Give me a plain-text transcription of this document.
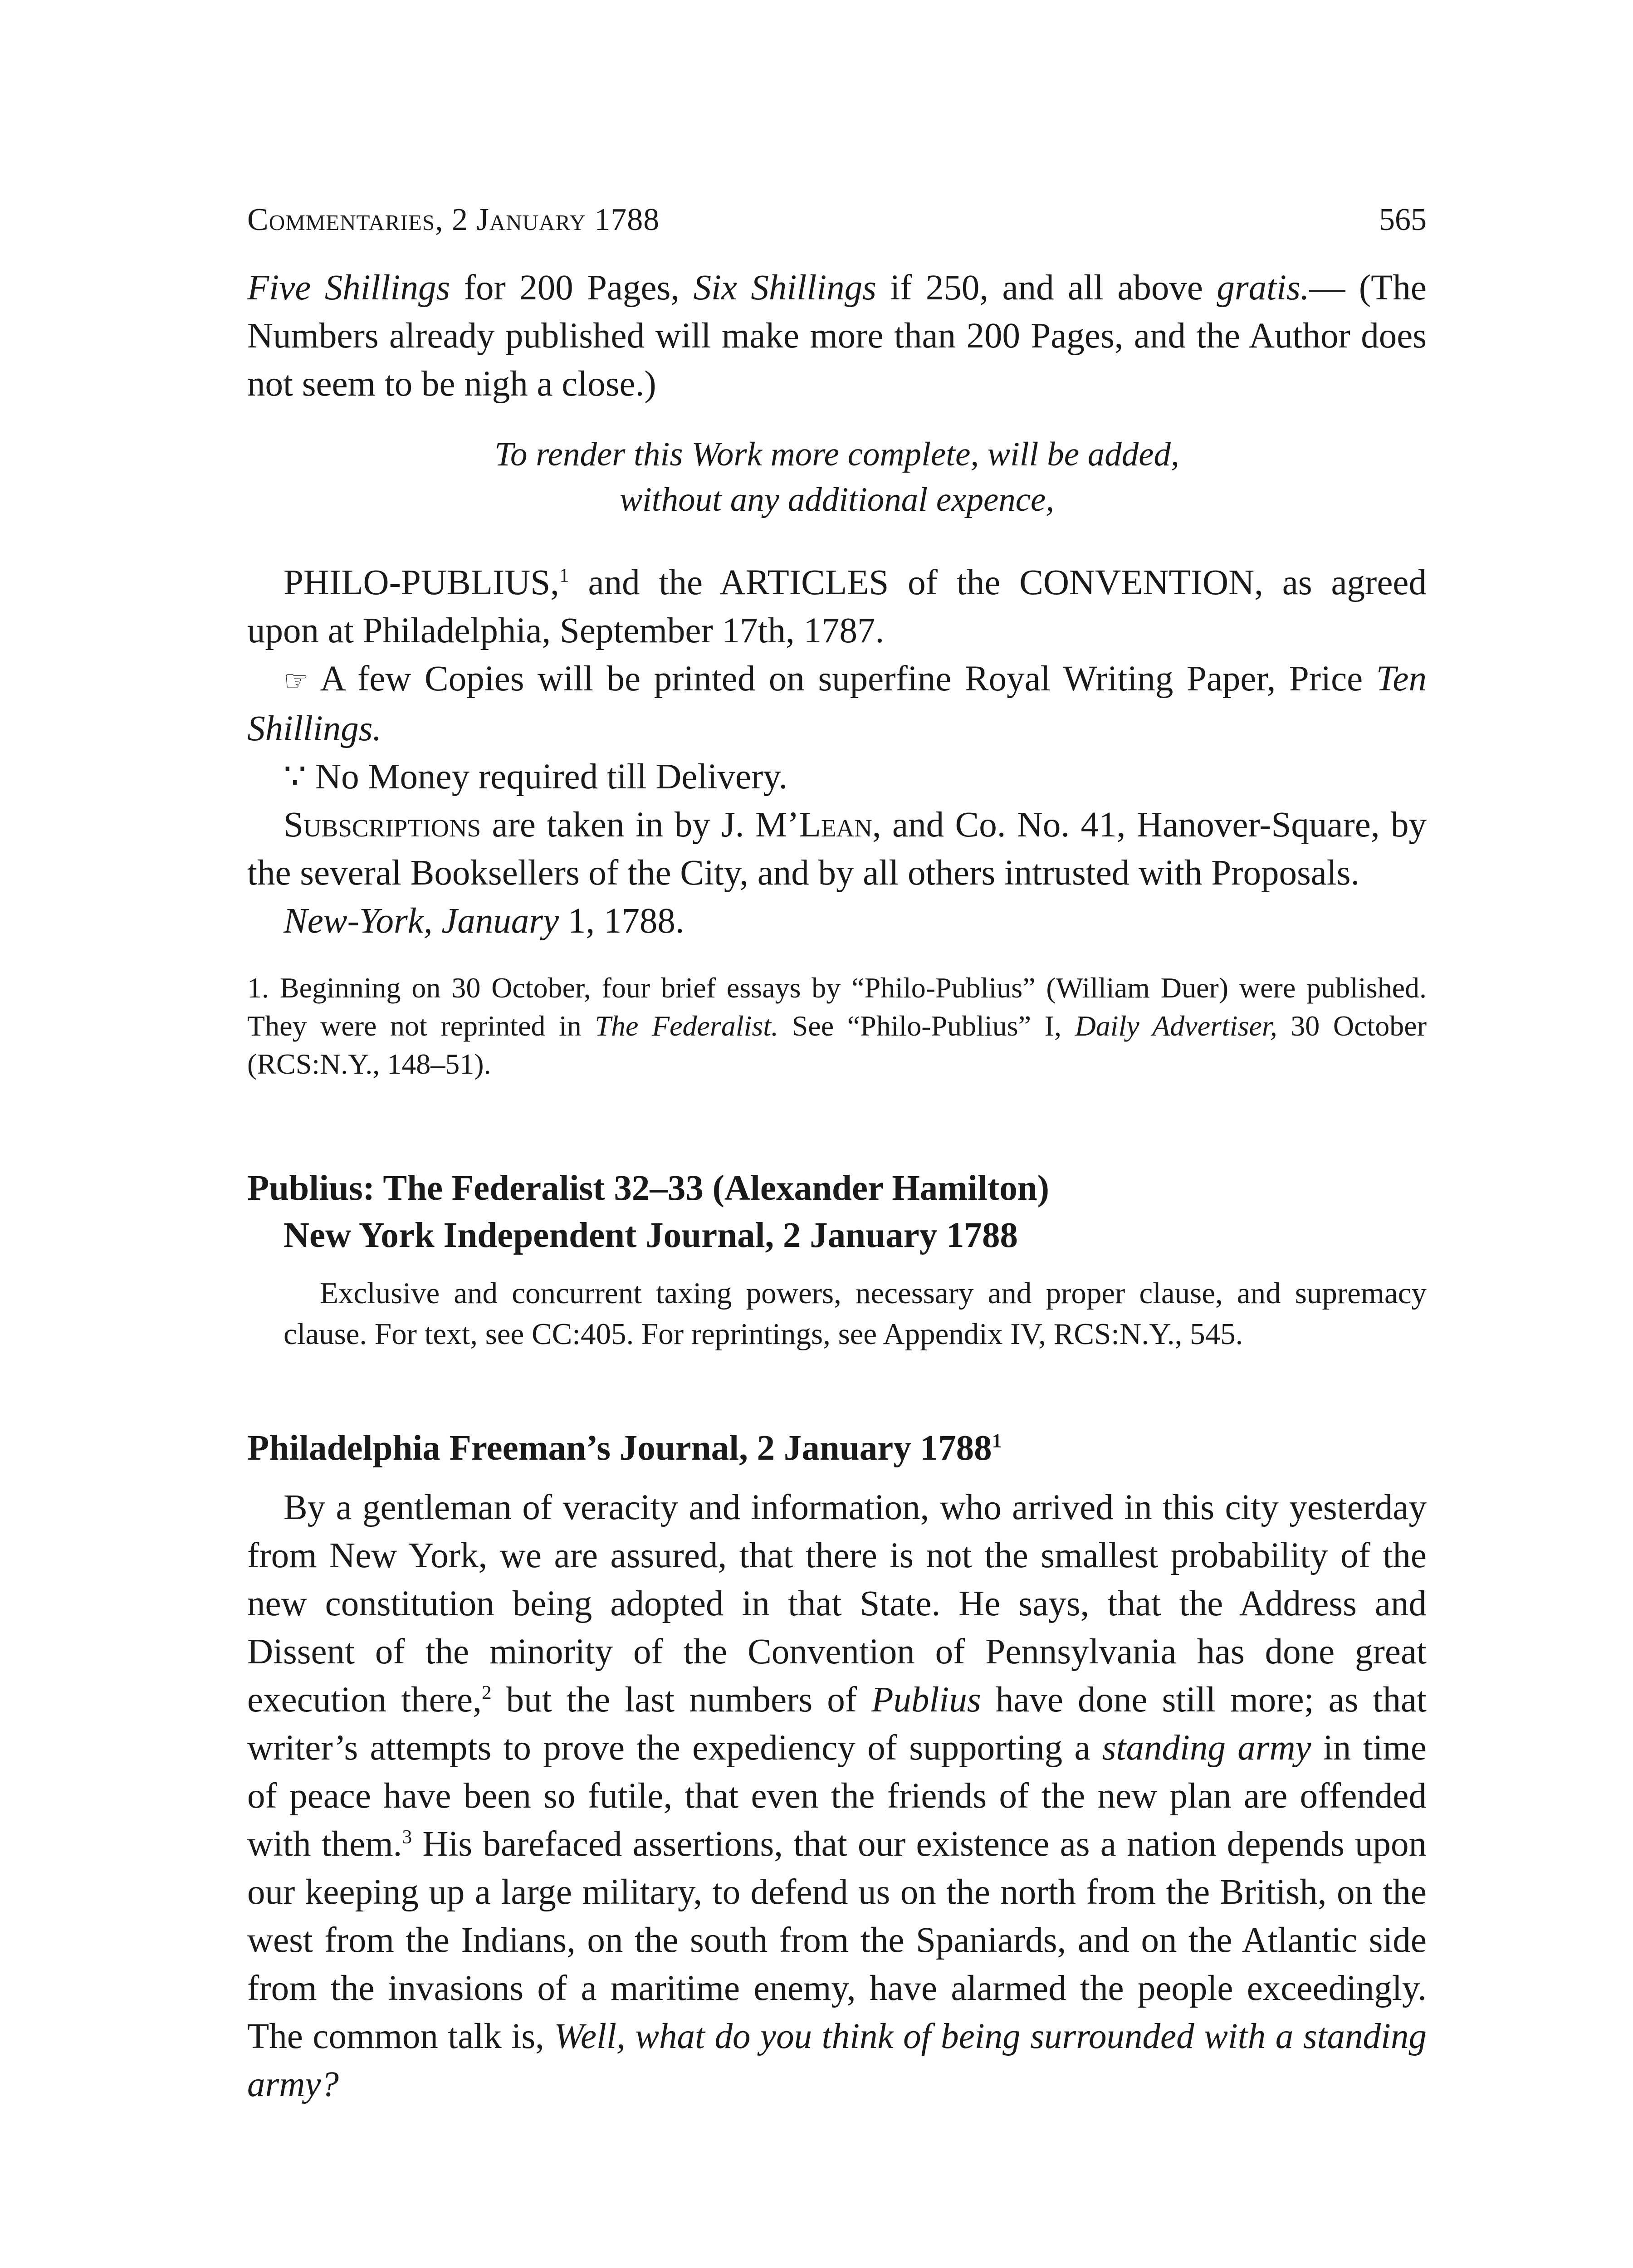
Commentaries, 2 January 1788	565

Five Shillings for 200 Pages, Six Shillings if 250, and all above gratis.— (The Numbers already published will make more than 200 Pages, and the Author does not seem to be nigh a close.)

To render this Work more complete, will be added,
without any additional expence,

PHILO-PUBLIUS,$^1$ and the ARTICLES of the CONVENTION, as agreed upon at Philadelphia, September 17th, 1787.

☞ A few Copies will be printed on superfine Royal Writing Paper, Price Ten Shillings.

∵ No Money required till Delivery.

Subscriptions are taken in by J. M’Lean, and Co. No. 41, Hanover-Square, by the several Booksellers of the City, and by all others intrusted with Proposals.

New-York, January 1, 1788.

1. Beginning on 30 October, four brief essays by “Philo-Publius” (William Duer) were published. They were not reprinted in The Federalist. See “Philo-Publius” I, Daily Advertiser, 30 October (RCS:N.Y., 148–51).

Publius: The Federalist 32–33 (Alexander Hamilton)
New York Independent Journal, 2 January 1788

Exclusive and concurrent taxing powers, necessary and proper clause, and supremacy clause. For text, see CC:405. For reprintings, see Appendix IV, RCS:N.Y., 545.

Philadelphia Freeman’s Journal, 2 January 1788$^1$

By a gentleman of veracity and information, who arrived in this city yesterday from New York, we are assured, that there is not the smallest probability of the new constitution being adopted in that State. He says, that the Address and Dissent of the minority of the Convention of Pennsylvania has done great execution there,$^2$ but the last numbers of Publius have done still more; as that writer’s attempts to prove the expediency of supporting a standing army in time of peace have been so futile, that even the friends of the new plan are offended with them.$^3$ His barefaced assertions, that our existence as a nation depends upon our keeping up a large military, to defend us on the north from the British, on the west from the Indians, on the south from the Spaniards, and on the Atlantic side from the invasions of a maritime enemy, have alarmed the people exceedingly. The common talk is, Well, what do you think of being surrounded with a standing army?
